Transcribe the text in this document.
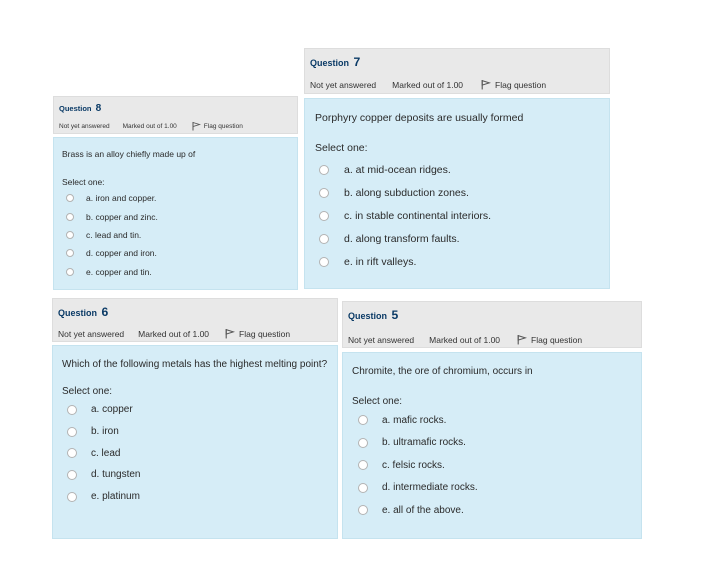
Question 8
Not yet answered Marked out of 1.00	Flag question
Brass is an alloy chiefly made up of
Select one:
a. iron and copper.
b. copper and zinc.
c. lead and tin.
d. copper and iron.
e. copper and tin.
Question 7
Not yet answered Marked out of 1.00	Flag question
Porphyry copper deposits are usually formed
Select one:
a. at mid-ocean ridges.
b. along subduction zones.
c. in stable continental interiors.
d. along transform faults.
e. in rift valleys.
Question 6
Not yet answered Marked out of 1.00	Flag question
Which of the following metals has the highest melting point?
Select one:
a. copper
b. iron
c. lead
d. tungsten
e. platinum
Question 5
Not yet answered Marked out of 1.00	Flag question
Chromite, the ore of chromium, occurs in
Select one:
a. mafic rocks.
b. ultramafic rocks.
c. felsic rocks.
d. intermediate rocks.
e. all of the above.
